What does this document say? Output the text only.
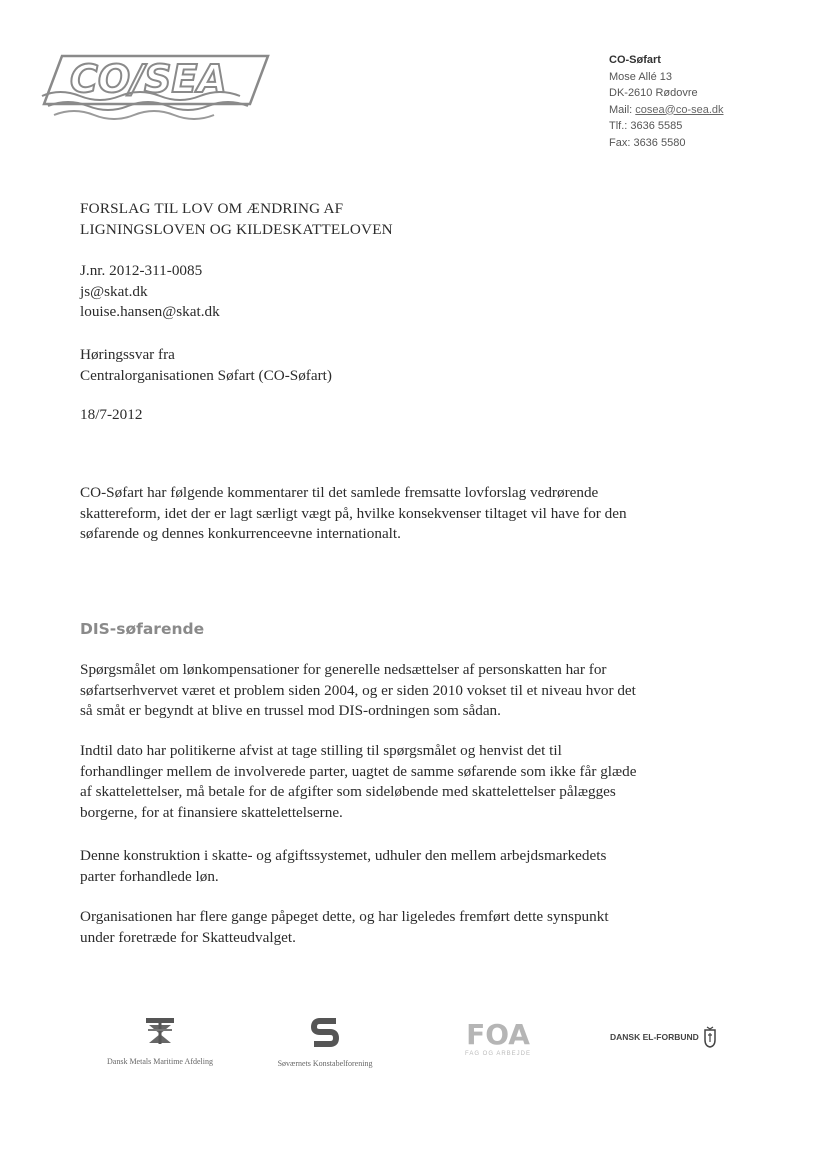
CO/SEA	CO-Søfart
Mose Allé 13
DK-2610 Rødovre
Mail: cosea@co-sea.dk
Tlf.: 3636 5585
Fax: 3636 5580
FORSLAG TIL LOV OM ÆNDRING AF
LIGNINGSLOVEN OG KILDESKATTELOVEN
J.nr. 2012-311-0085
js@skat.dk
louise.hansen@skat.dk
Høringssvar fra
Centralorganisationen Søfart (CO-Søfart)
18/7-2012
CO-Søfart har følgende kommentarer til det samlede fremsatte lovforslag vedrørende
skattereform, idet der er lagt særligt vægt på, hvilke konsekvenser tiltaget vil have for den
søfarende og dennes konkurrenceevne internationalt.
DIS-søfarende
Spørgsmålet om lønkompensationer for generelle nedsættelser af personskatten har for
søfartserhvervet været et problem siden 2004, og er siden 2010 vokset til et niveau hvor det
så småt er begyndt at blive en trussel mod DIS-ordningen som sådan.
Indtil dato har politikerne afvist at tage stilling til spørgsmålet og henvist det til
forhandlinger mellem de involverede parter, uagtet de samme søfarende som ikke får glæde
af skattelettelser, må betale for de afgifter som sideløbende med skattelettelser pålægges
borgerne, for at finansiere skattelettelserne.
Denne konstruktion i skatte- og afgiftssystemet, udhuler den mellem arbejdsmarkedets
parter forhandlede løn.
Organisationen har flere gange påpeget dette, og har ligeledes fremført dette synspunkt
under foretræde for Skatteudvalget.
Dansk Metals Maritime Afdeling	Søværnets Konstabelforening
FOA
FAG OG ARBEJDE
DANSK EL-FORBUND
